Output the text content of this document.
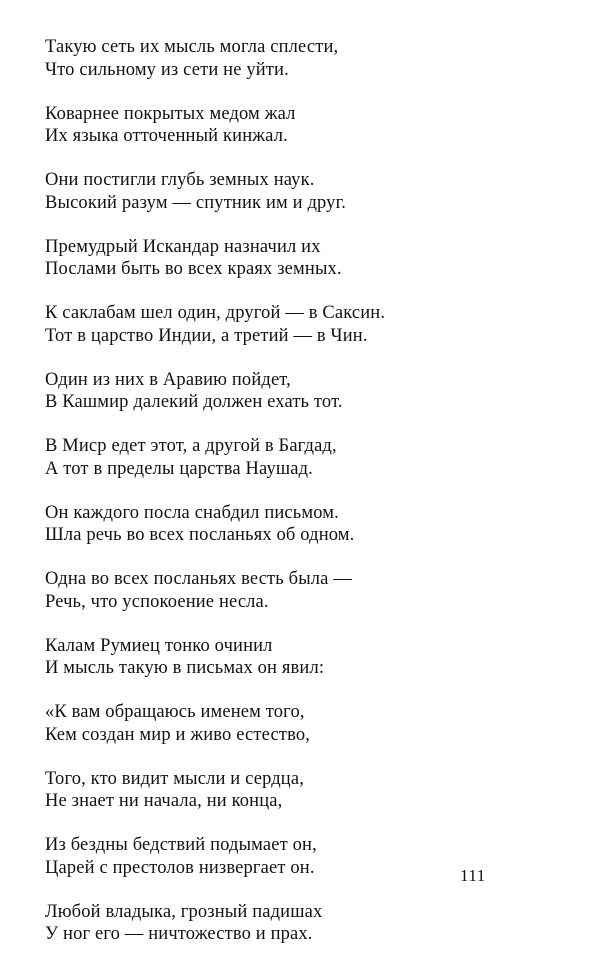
Такую сеть их мысль могла сплести,
Что сильному из сети не уйти.
Коварнее покрытых медом жал
Их языка отточенный кинжал.
Они постигли глубь земных наук.
Высокий разум — спутник им и друг.
Премудрый Искандар назначил их
Послами быть во всех краях земных.
К саклабам шел один, другой — в Саксин.
Тот в царство Индии, а третий — в Чин.
Один из них в Аравию пойдет,
В Кашмир далекий должен ехать тот.
В Миср едет этот, а другой в Багдад,
А тот в пределы царства Наушад.
Он каждого посла снабдил письмом.
Шла речь во всех посланьях об одном.
Одна во всех посланьях весть была —
Речь, что успокоение несла.
Калам Румиец тонко очинил
И мысль такую в письмах он явил:
«К вам обращаюсь именем того,
Кем создан мир и живо естество,
Того, кто видит мысли и сердца,
Не знает ни начала, ни конца,
Из бездны бедствий подымает он,
Царей с престолов низвергает он.
Любой владыка, грозный падишах
У ног его — ничтожество и прах.
111
